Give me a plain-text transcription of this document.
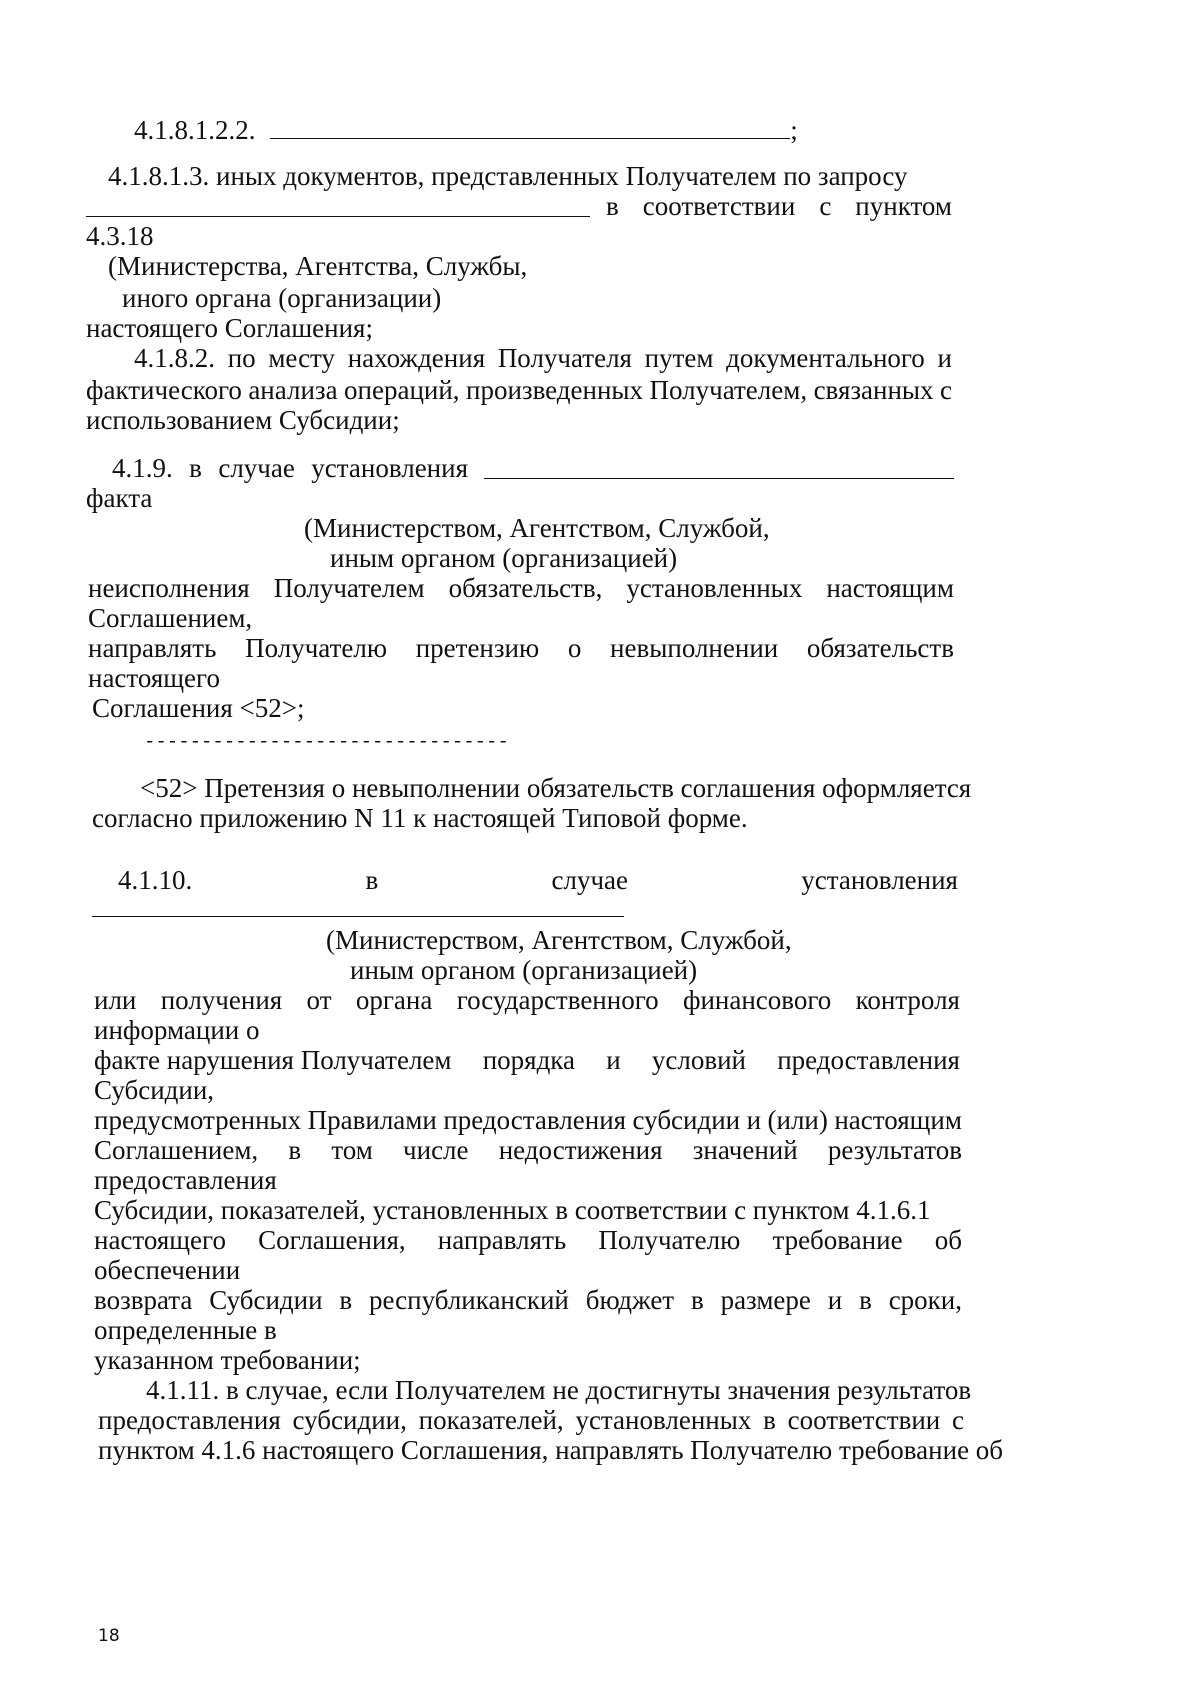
4.1.8.1.2.2.	;
4.1.8.1.3. иных документов, представленных Получателем по запросу
в соответствии с пунктом
4.3.18
(Министерства, Агентства, Службы,
иного органа (организации)
настоящего Соглашения;
4.1.8.2. по месту нахождения Получателя путем документального и
фактического анализа операций, произведенных Получателем, связанных с
использованием Субсидии;
4.1.9. в случае установления
факта
(Министерством, Агентством, Службой,
иным органом (организацией)
неисполнения Получателем обязательств, установленных настоящим
Соглашением,
направлять Получателю претензию о невыполнении обязательств
настоящего
Соглашения <52>;
--------------------------------
<52> Претензия о невыполнении обязательств соглашения оформляется
согласно приложению N 11 к настоящей Типовой форме.
4.1.10.	в	случае	установления
(Министерством, Агентством, Службой,
иным органом (организацией)
или получения от органа государственного финансового контроля
информации о
факте нарушения Получателем порядка и условий предоставления
Субсидии,
предусмотренных Правилами предоставления субсидии и (или) настоящим
Соглашением, в том числе недостижения значений результатов
предоставления
Субсидии, показателей, установленных в соответствии с пунктом 4.1.6.1
настоящего Соглашения, направлять Получателю требование об
обеспечении
возврата Субсидии в республиканский бюджет в размере и в сроки,
определенные в
указанном требовании;
4.1.11. в случае, если Получателем не достигнуты значения результатов
предоставления субсидии, показателей, установленных в соответствии с
пунктом 4.1.6 настоящего Соглашения, направлять Получателю требование об
18
